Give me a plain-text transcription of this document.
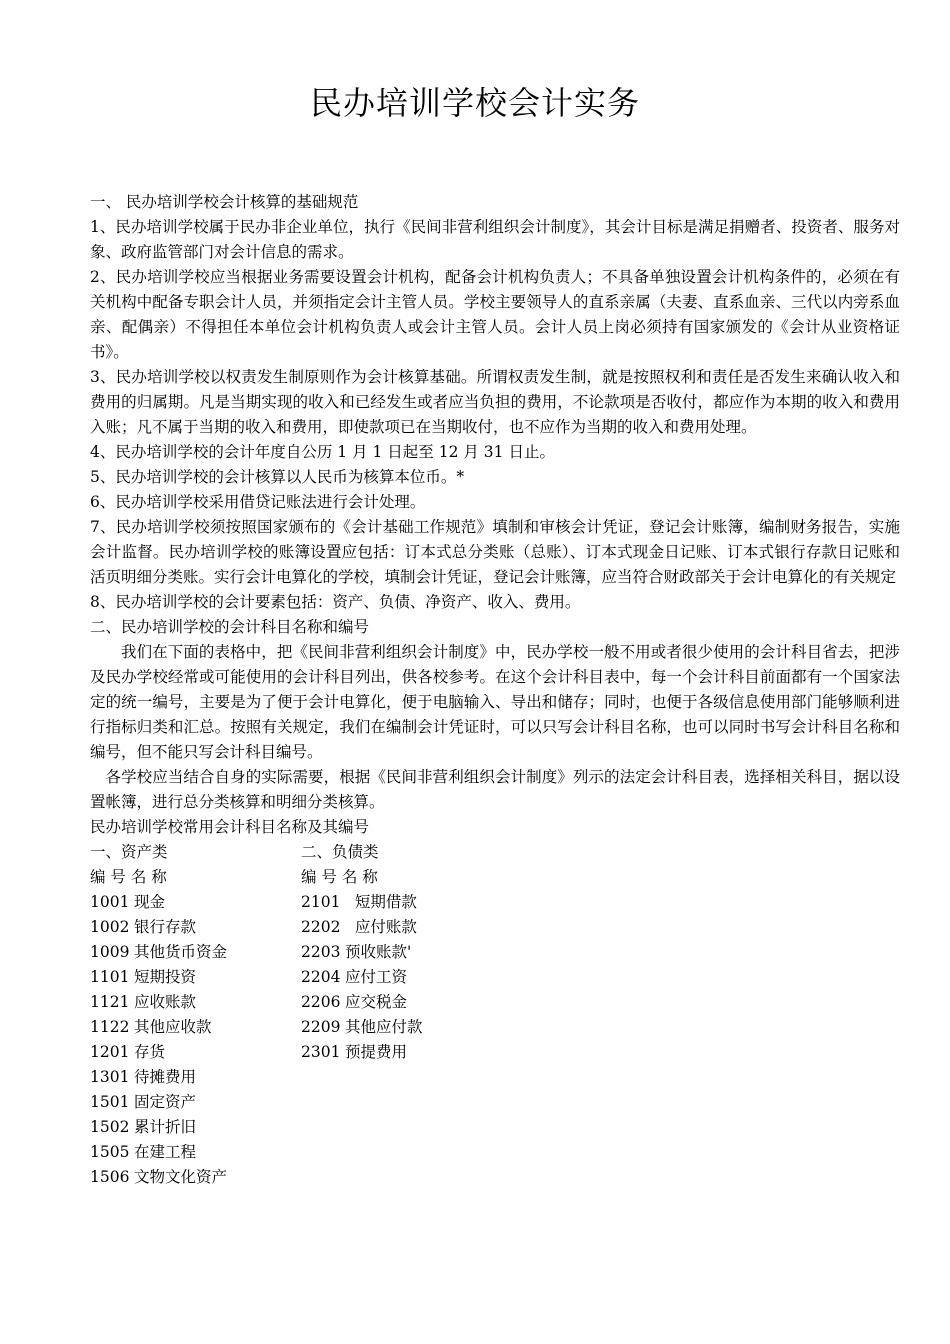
民办培训学校会计实务

一、 民办培训学校会计核算的基础规范

1、民办培训学校属于民办非企业单位，执行《民间非营利组织会计制度》，其会计目标是满足捐赠者、投资者、服务对象、政府监管部门对会计信息的需求。

2、民办培训学校应当根据业务需要设置会计机构，配备会计机构负责人；不具备单独设置会计机构条件的，必须在有关机构中配备专职会计人员，并须指定会计主管人员。学校主要领导人的直系亲属（夫妻、直系血亲、三代以内旁系血亲、配偶亲）不得担任本单位会计机构负责人或会计主管人员。会计人员上岗必须持有国家颁发的《会计从业资格证书》。

3、民办培训学校以权责发生制原则作为会计核算基础。所谓权责发生制，就是按照权利和责任是否发生来确认收入和费用的归属期。凡是当期实现的收入和已经发生或者应当负担的费用，不论款项是否收付，都应作为本期的收入和费用入账；凡不属于当期的收入和费用，即使款项已在当期收付，也不应作为当期的收入和费用处理。

4、民办培训学校的会计年度自公历 1 月 1 日起至 12 月 31 日止。

5、民办培训学校的会计核算以人民币为核算本位币。*

6、民办培训学校采用借贷记账法进行会计处理。

7、民办培训学校须按照国家颁布的《会计基础工作规范》填制和审核会计凭证，登记会计账簿，编制财务报告，实施会计监督。民办培训学校的账簿设置应包括：订本式总分类账（总账）、订本式现金日记账、订本式银行存款日记账和活页明细分类账。实行会计电算化的学校，填制会计凭证，登记会计账簿，应当符合财政部关于会计电算化的有关规定

8、民办培训学校的会计要素包括：资产、负债、净资产、收入、费用。

二、民办培训学校的会计科目名称和编号

我们在下面的表格中，把《民间非营利组织会计制度》中，民办学校一般不用或者很少使用的会计科目省去，把涉及民办学校经常或可能使用的会计科目列出，供各校参考。在这个会计科目表中，每一个会计科目前面都有一个国家法定的统一编号，主要是为了便于会计电算化，便于电脑输入、导出和储存；同时，也便于各级信息使用部门能够顺利进行指标归类和汇总。按照有关规定，我们在编制会计凭证时，可以只写会计科目名称，也可以同时书写会计科目名称和编号，但不能只写会计科目编号。

各学校应当结合自身的实际需要，根据《民间非营利组织会计制度》列示的法定会计科目表，选择相关科目，据以设置帐簿，进行总分类核算和明细分类核算。

民办培训学校常用会计科目名称及其编号

一、资产类
编 号 名 称
1001 现金
1002 银行存款
1009 其他货币资金
1101 短期投资
1121 应收账款
1122 其他应收款
1201 存货
1301 待摊费用
1501 固定资产
1502 累计折旧
1505 在建工程
1506 文物文化资产
二、负债类
编 号 名 称
2101  短期借款
2202  应付账款
2203 预收账款'
2204 应付工资
2206 应交税金
2209 其他应付款
2301 预提费用
